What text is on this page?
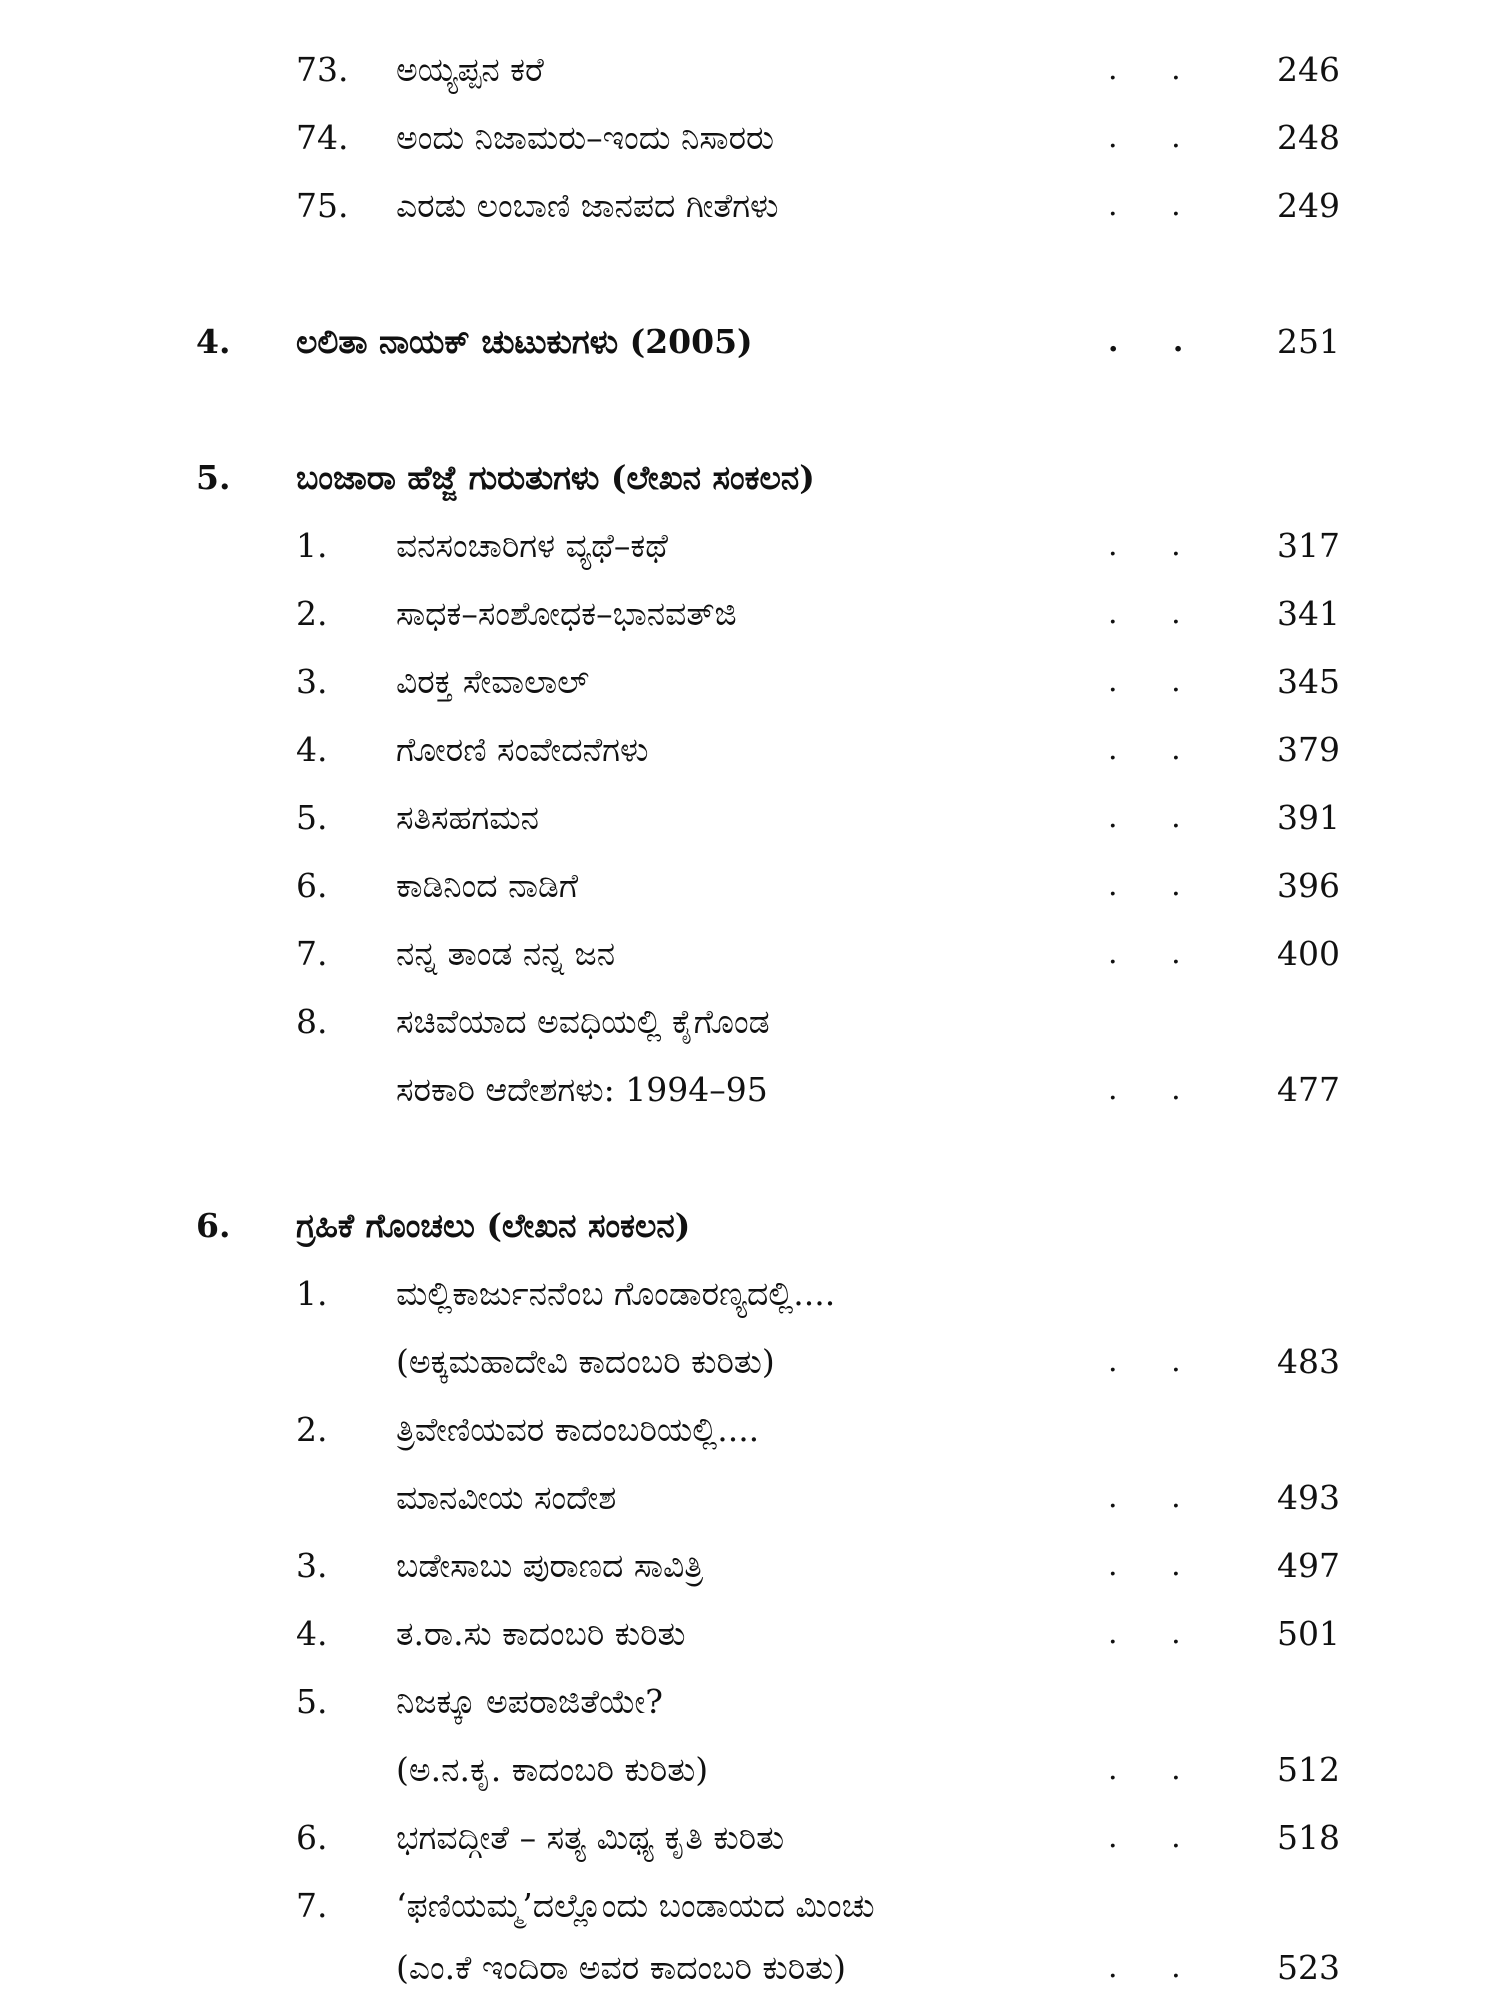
73. ಅಯ್ಯಪ್ಪನ ಕರೆ	. . 246
74. ಅಂದು ನಿಜಾಮರು–ಇಂದು ನಿಸಾರರು	. . 248
75. ಎರಡು ಲಂಬಾಣಿ ಜಾನಪದ ಗೀತೆಗಳು	. . 249
4. ಲಲಿತಾ ನಾಯಕ್ ಚುಟುಕುಗಳು (2005)	. . 251
5. ಬಂಜಾರಾ ಹೆಜ್ಜೆ ಗುರುತುಗಳು (ಲೇಖನ ಸಂಕಲನ)
1. ವನಸಂಚಾರಿಗಳ ವ್ಯಥೆ–ಕಥೆ	. . 317
2. ಸಾಧಕ–ಸಂಶೋಧಕ–ಭಾನವತ್‌ಜಿ	. . 341
3. ವಿರಕ್ತ ಸೇವಾಲಾಲ್	. . 345
4. ಗೋರಣಿ ಸಂವೇದನೆಗಳು	. . 379
5. ಸತಿಸಹಗಮನ	. . 391
6. ಕಾಡಿನಿಂದ ನಾಡಿಗೆ	. . 396
7. ನನ್ನ ತಾಂಡ ನನ್ನ ಜನ	. . 400
8. ಸಚಿವೆಯಾದ ಅವಧಿಯಲ್ಲಿ ಕೈಗೊಂಡ
ಸರಕಾರಿ ಆದೇಶಗಳು: 1994–95	. . 477
6. ಗ್ರಹಿಕೆ ಗೊಂಚಲು (ಲೇಖನ ಸಂಕಲನ)
1. ಮಲ್ಲಿಕಾರ್ಜುನನೆಂಬ ಗೊಂಡಾರಣ್ಯದಲ್ಲಿ....
(ಅಕ್ಕಮಹಾದೇವಿ ಕಾದಂಬರಿ ಕುರಿತು)	. . 483
2. ತ್ರಿವೇಣಿಯವರ ಕಾದಂಬರಿಯಲ್ಲಿ....
ಮಾನವೀಯ ಸಂದೇಶ	. . 493
3. ಬಡೇಸಾಬು ಪುರಾಣದ ಸಾವಿತ್ರಿ	. . 497
4. ತ.ರಾ.ಸು ಕಾದಂಬರಿ ಕುರಿತು	. . 501
5. ನಿಜಕ್ಕೂ ಅಪರಾಜಿತೆಯೇ?
(ಅ.ನ.ಕೃ. ಕಾದಂಬರಿ ಕುರಿತು)	. . 512
6. ಭಗವದ್ಗೀತೆ – ಸತ್ಯ ಮಿಥ್ಯ ಕೃತಿ ಕುರಿತು	. . 518
7. ‘ಫಣಿಯಮ್ಮ’ದಲ್ಲೊಂದು ಬಂಡಾಯದ ಮಿಂಚು
(ಎಂ.ಕೆ ಇಂದಿರಾ ಅವರ ಕಾದಂಬರಿ ಕುರಿತು)	. . 523
